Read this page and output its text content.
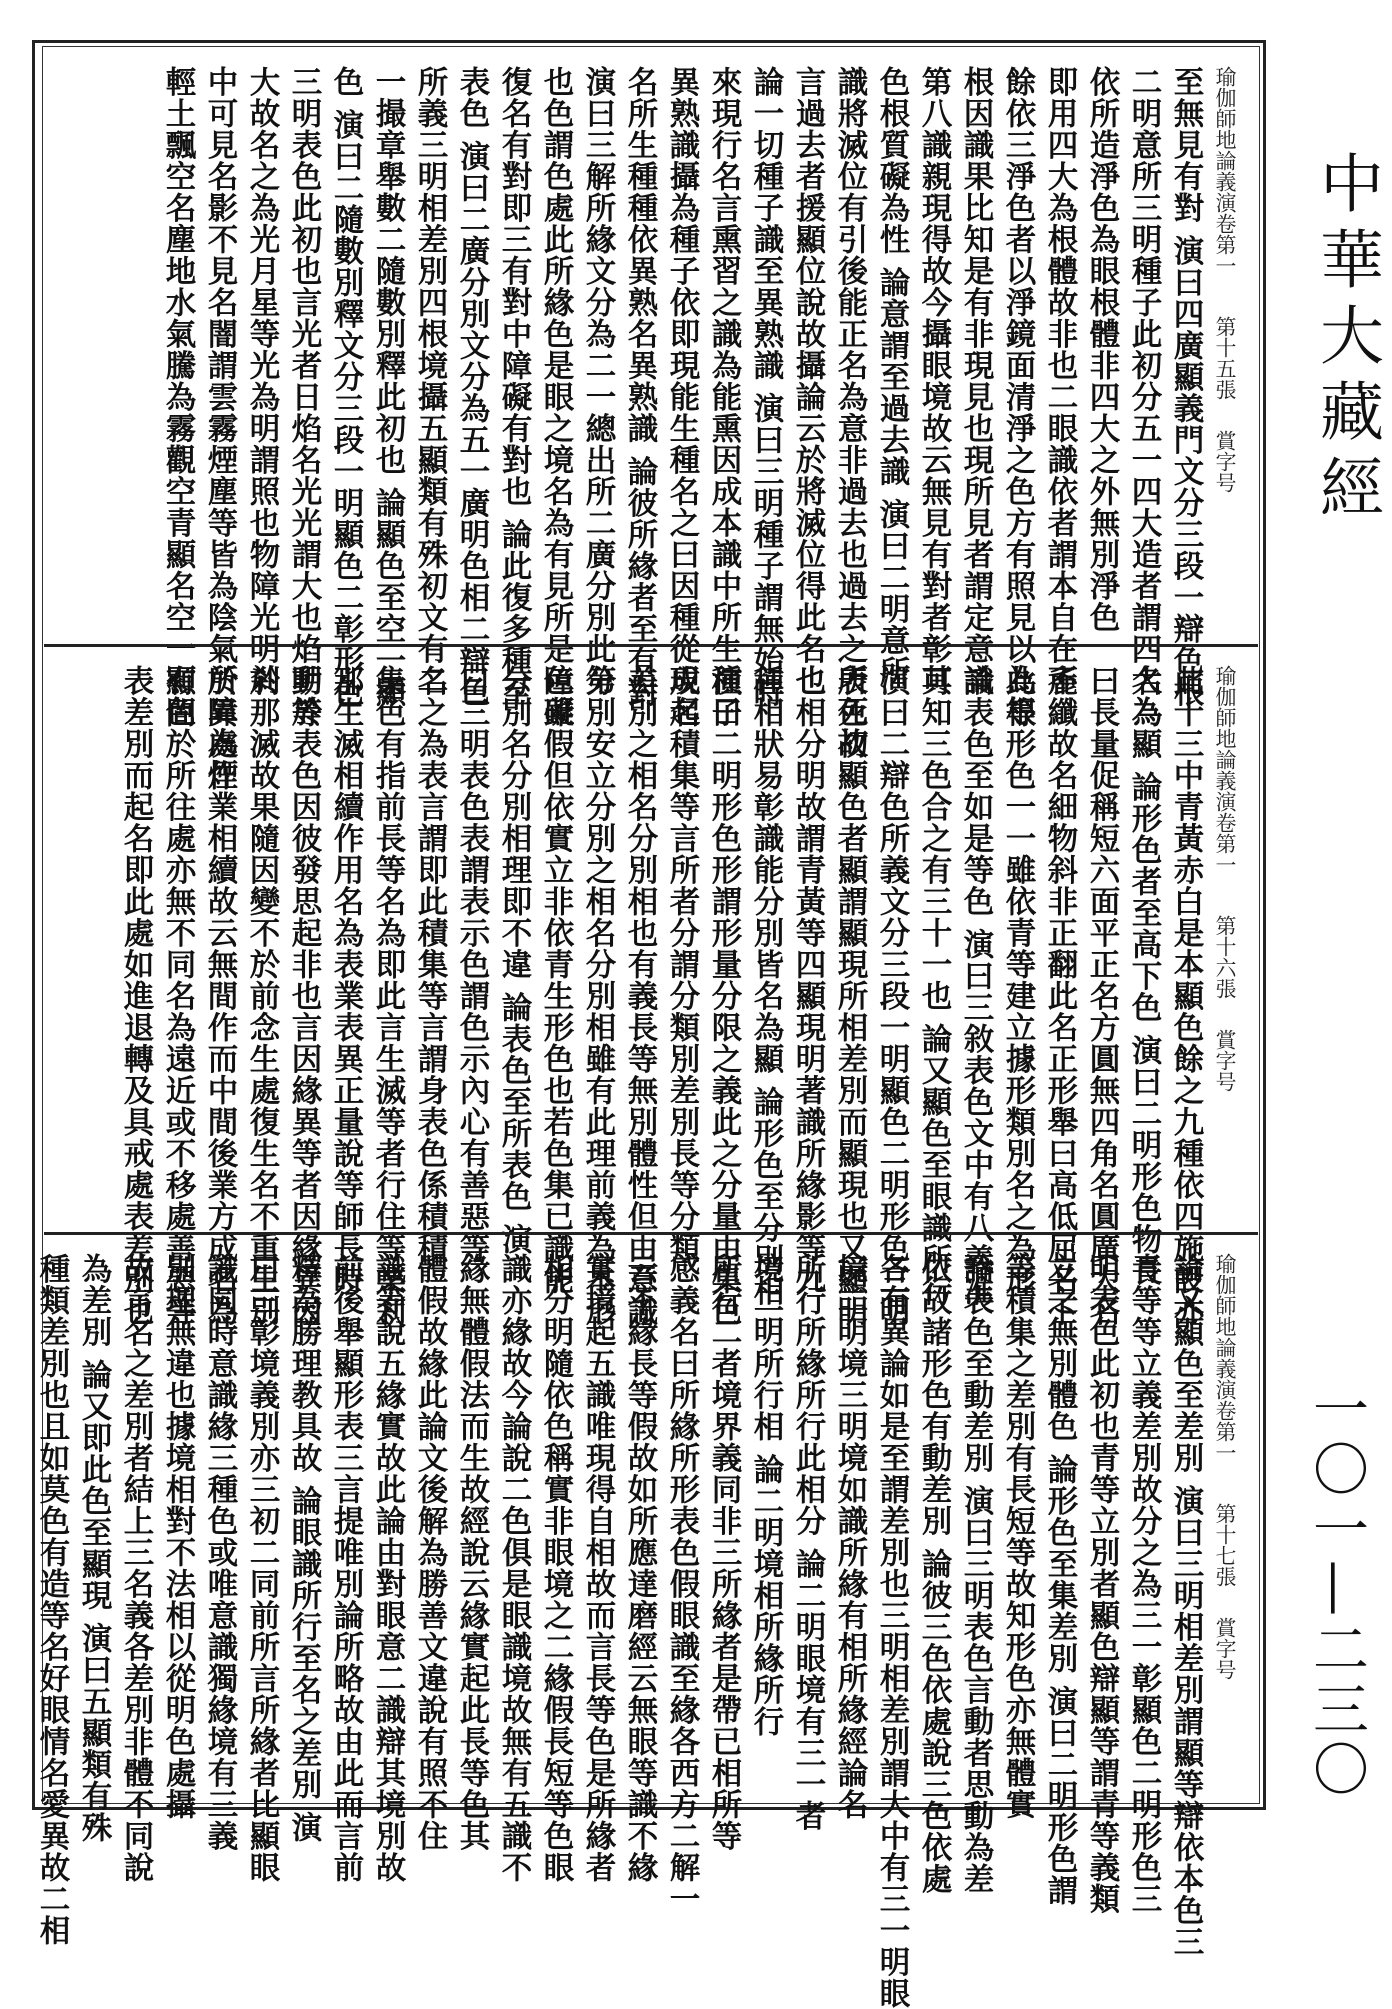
瑜伽師地論義演卷第一
第十五張
賞字号
至無見有對 演曰四廣顯義門文分三段一辯色根
二明意所三明種子此初分五一四大造者謂四大為
依所造淨色為眼根體非四大之外無別淨色
即用四大為根體故非也二眼識依者謂本自在不
餘依三淨色者以淨鏡面清淨之色方有照見以為根
根因識果比知是有非現見也現所見者謂定意識
第八識親現得故今攝眼境故云無見有對者彰其
色根質礙為性 論意謂至過去識 演曰二明意所
識將滅位有引後能正名為意非過去也過去之所死故
言過去者援顯位說故攝論云於將滅位得此名也
論一切種子識至異熟識 演曰三明種子謂無始時
來現行名言熏習之識為能熏因成本識中所生種子
異熟識攝為種子依即現能生種名之曰因種從現起
名所生種種依異熟名異熟識 論彼所緣者至有對
演曰三解所緣文分為二一總出所二廣分別此第
也色謂色處此所緣色是眼之境名為有見所是障礙
復名有對即三有對中障礙有對也 論此復多種至
表色 演曰二廣分別文分為五一廣明色相二辯色
所義三明相差別四根境攝五顯類有殊初文有二
一撮章舉數二隨數別釋此初也 論顯色至空一顯
色 演曰二隨數別釋文分三段一明顯色二彰形色
三明表色此初也言光者日焰名光光謂大也焰明於
大故名之為光月星等光為明謂照也物障光明於
中可見名影不見名闇謂雲霧煙塵等皆為陰氣所障為煙
輕土飄空名塵地水氣騰為霧觀空青顯名空一顯色
瑜伽師地論義演卷第一
第十六張
賞字号
此十三中青黃赤白是本顯色餘之九種依四施設亦
名為顯 論形色者至高下色 演曰二明形色物長
曰長量促稱短六面平正名方圓無四角名圓廣大名
麁纖故名細物斜非正翻此名正形舉曰高低屈名下
此等形色一一雖依青等建立據形類別名之為形
論表色至如是等色 演曰三敘表色文中有八義准
可知三色合之有三十一也 論又顯色至眼識所行
演曰二辯色所義文分三段一明顯色二明形色三明
表色初顯色者顯謂顯現所相差別而顯現也又顯明
也相分明故謂青黃等四顯現明著識所緣影等九
種相狀易彰識能分別皆名為顯 論形色至分別相
演曰二明形色形謂形量分限之義此之分量由集色
成名積集等言所者分謂分類別差別長等分類
差別之相名分別相也有義長等無別體性但由意識
分別安立分別之相名分別相雖有此理前義為本形
色雖假但依實立非依青生形色也若色集已識能
分別名分別相理即不違 論表色至所表色 演
曰三明表色表謂表示色謂色示內心有善惡等
名之為表言謂即此積集等言謂身表色係積積
集色有指前長等名為即此言生滅等者行住等業剎
那生滅相續作用名為表業表異正量說等師長時
動等表色因彼發思起非也言因緣異等者因緣異因
剎那滅故果隨因變不於前念生處復生名不重生別
於異處作業相續故云無間作而中間後業方成名為
有間於所往處亦無不同名為遠近或不移處善惡等
表差別而起名即此處如進退轉及具戒處表差別也
瑜伽師地論義演卷第一
第十七張
賞字号
論又顯色至差別 演曰三明相差別謂顯等辯依本色三
青等等立義差別故分之為三一彰顯色二明形色三
明表色此初也青等立別者顯色辯顯等謂青等義類
立之無別體色 論形色至集差別 演曰二明形色謂
等積集之差別有長短等故知形色亦無體實
論表色至動差別 演曰三明表色言動者思動為差
依故諸形色有動差別 論彼三色依處說三色依處
各有異論如是至謂差別也三明相差別謂大中有三一明眼
境二明境三明境如識所緣有相所緣經論名
所行所緣所行此相分 論二明眼境有三一者
境二明所行相 論二明境相所緣所行
所行二者境界義同非三所緣者是帶已相所等
感義名曰所緣所形表色假眼識至緣各西方二解一
云不緣長等假故如所應達磨經云無眼等識不緣
實境起五識唯現得自相故而言長等色是所緣者
相分明隨依色稱實非眼境之二緣假長短等色眼
識亦緣故今論說二色俱是眼識境故無有五識不
緣無體假法而生故經說云緣實起此長等色其
體假故緣此論文後解為勝善文違說有照不住
識等說五緣實故此論由對眼意二識辯其境別故
前後舉顯形表三言提唯別論所略故由此而言前
釋為勝理教具故 論眼識所行至名之差別 演
曰三彰境義別亦三初二同前所言所緣者比顯眼
識同時意識緣三種色或唯意識獨緣境有三義
別理無違也據境相對不法相以從明色處攝
故言名之差別者結上三名義各差別非體不同說
為差別 論又即此色至顯現 演曰五顯類有殊
種類差別也且如莫色有造等名好眼情名愛異故二相
中華大藏經
一〇一—二三〇
